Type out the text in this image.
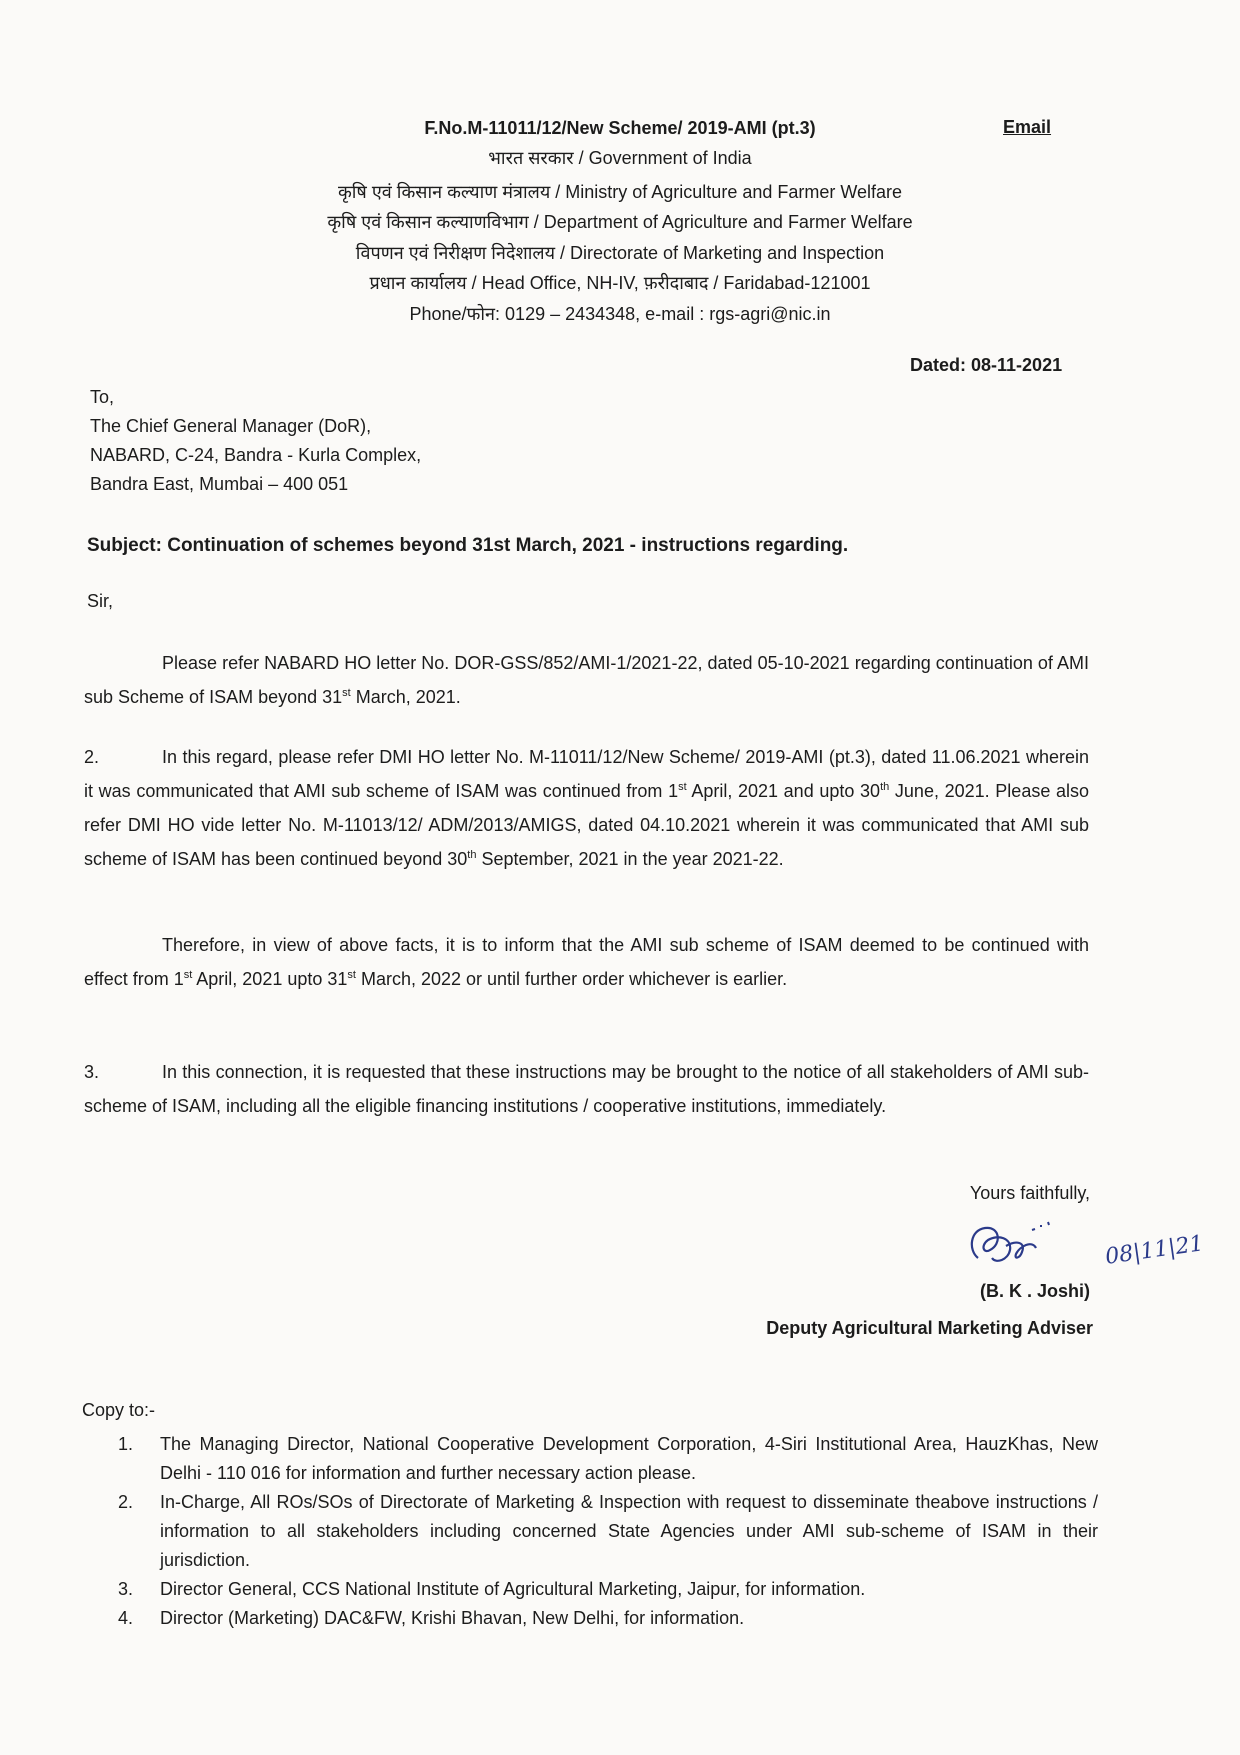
F.No.M-11011/12/New Scheme/ 2019-AMI (pt.3)	Email
भारत सरकार / Government of India
कृषि एवं किसान कल्याण मंत्रालय / Ministry of Agriculture and Farmer Welfare
कृषि एवं किसान कल्याणविभाग / Department of Agriculture and Farmer Welfare
विपणन एवं निरीक्षण निदेशालय / Directorate of Marketing and Inspection
प्रधान कार्यालय / Head Office, NH-IV, फ़रीदाबाद / Faridabad-121001
Phone/फोन: 0129 – 2434348, e-mail : rgs-agri@nic.in
Dated: 08-11-2021
To,
The Chief General Manager (DoR),
NABARD, C-24, Bandra - Kurla Complex,
Bandra East, Mumbai – 400 051
Subject: Continuation of schemes beyond 31st March, 2021 - instructions regarding.
Sir,
Please refer NABARD HO letter No. DOR-GSS/852/AMI-1/2021-22, dated 05-10-2021 regarding continuation of AMI sub Scheme of ISAM beyond 31st March, 2021.
2.	In this regard, please refer DMI HO letter No. M-11011/12/New Scheme/ 2019-AMI (pt.3), dated 11.06.2021 wherein it was communicated that AMI sub scheme of ISAM was continued from 1st April, 2021 and upto 30th June, 2021. Please also refer DMI HO vide letter No. M-11013/12/ ADM/2013/AMIGS, dated 04.10.2021 wherein it was communicated that AMI sub scheme of ISAM has been continued beyond 30th September, 2021 in the year 2021-22.
Therefore, in view of above facts, it is to inform that the AMI sub scheme of ISAM deemed to be continued with effect from 1st April, 2021 upto 31st March, 2022 or until further order whichever is earlier.
3.	In this connection, it is requested that these instructions may be brought to the notice of all stakeholders of AMI sub-scheme of ISAM, including all the eligible financing institutions / cooperative institutions, immediately.
Yours faithfully,
08|11|21
(B. K . Joshi)
Deputy Agricultural Marketing Adviser
Copy to:-
1. The Managing Director, National Cooperative Development Corporation, 4-Siri Institutional Area, HauzKhas, New Delhi - 110 016 for information and further necessary action please.
2. In-Charge, All ROs/SOs of Directorate of Marketing & Inspection with request to disseminate theabove instructions / information to all stakeholders including concerned State Agencies under AMI sub-scheme of ISAM in their jurisdiction.
3. Director General, CCS National Institute of Agricultural Marketing, Jaipur, for information.
4. Director (Marketing) DAC&FW, Krishi Bhavan, New Delhi, for information.
